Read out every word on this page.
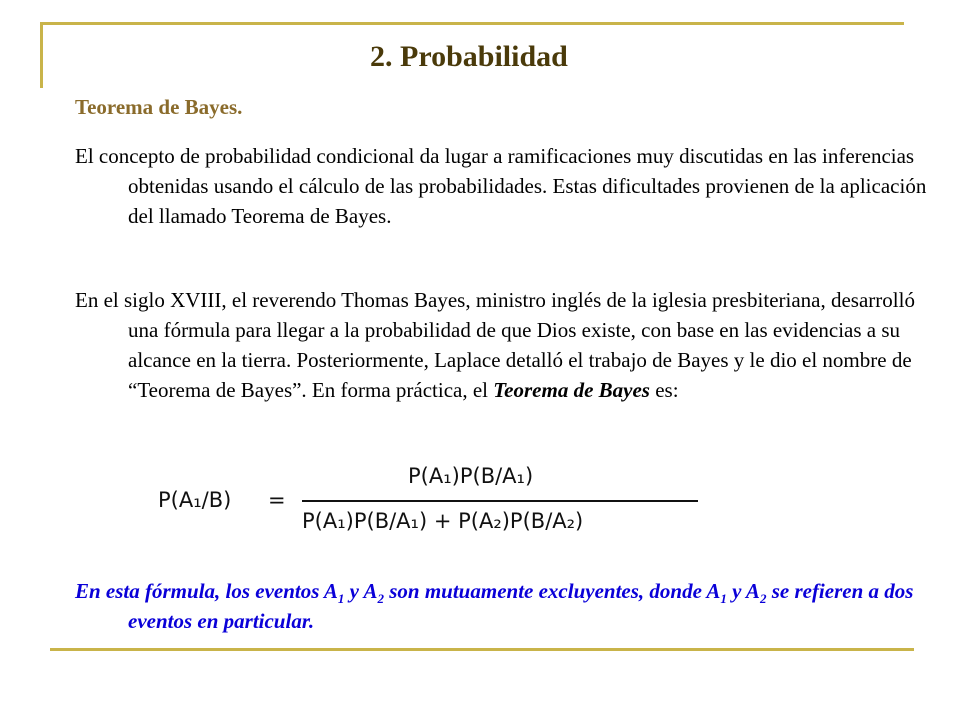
2. Probabilidad
Teorema de Bayes.
El concepto de probabilidad condicional da lugar a ramificaciones muy discutidas en las inferencias obtenidas usando el cálculo de las probabilidades. Estas dificultades provienen de la aplicación del llamado Teorema de Bayes.
En el siglo XVIII, el reverendo Thomas Bayes, ministro inglés de la iglesia presbiteriana, desarrolló una fórmula para llegar a la probabilidad de que Dios existe, con base en las evidencias a su alcance en la tierra. Posteriormente, Laplace detalló el trabajo de Bayes y le dio el nombre de “Teorema de Bayes”. En forma práctica, el Teorema de Bayes es:
P(A₁/B) =
P(A₁)P(B/A₁)
P(A₁)P(B/A₁) + P(A₂)P(B/A₂)
En esta fórmula, los eventos $A_1$ y $A_2$ son mutuamente excluyentes, donde $A_1$ y $A_2$ se refieren a dos eventos en particular.
